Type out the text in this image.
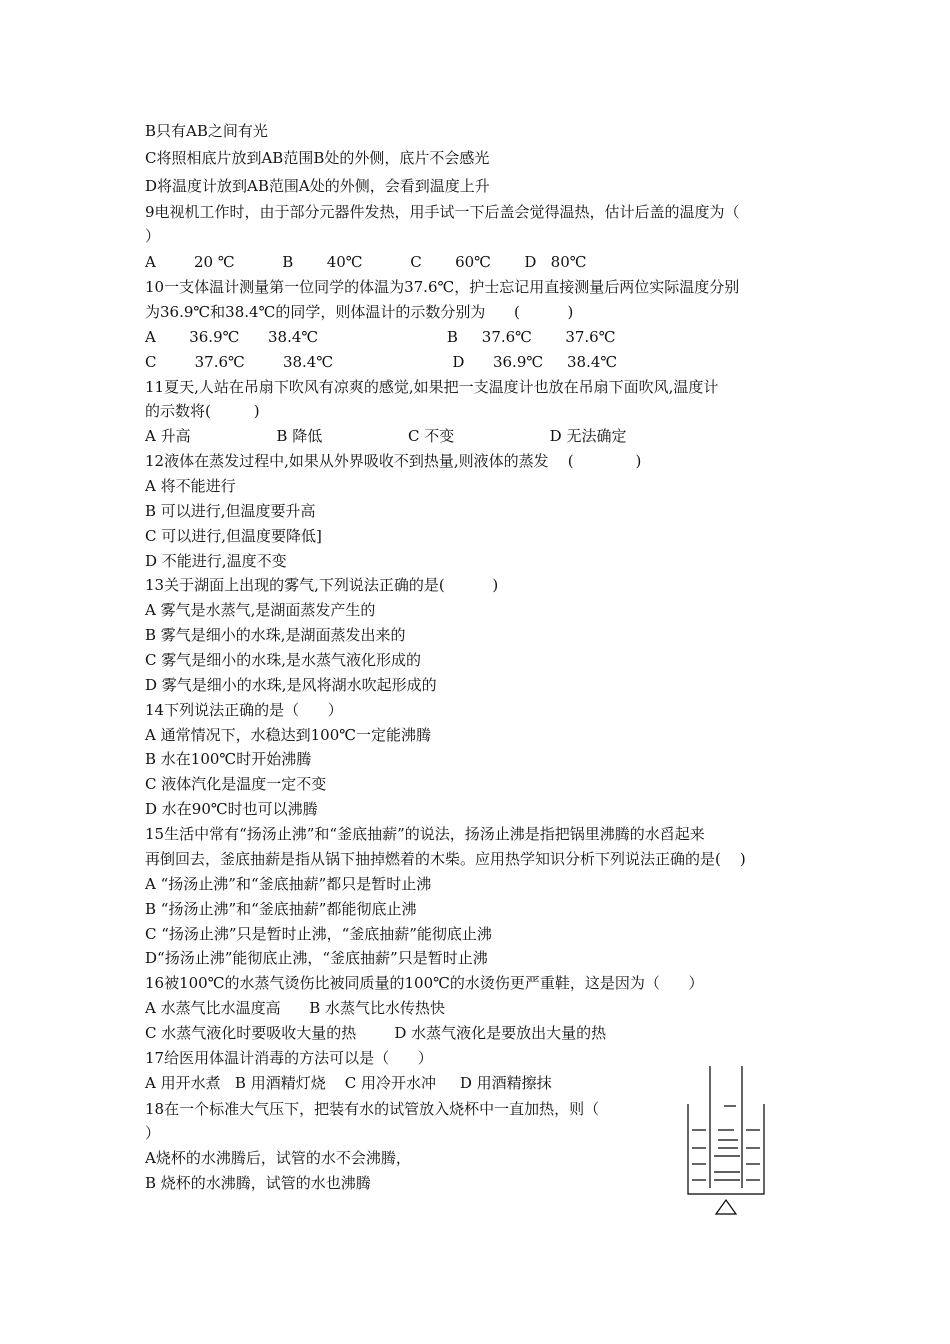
B只有AB之间有光
C将照相底片放到AB范围B处的外侧，底片不会感光
D将温度计放到AB范围A处的外侧，会看到温度上升
9电视机工作时，由于部分元器件发热，用手试一下后盖会觉得温热，估计后盖的温度为（
）
A        20 ℃          B       40℃          C       60℃       D   80℃
10一支体温计测量第一位同学的体温为37.6℃，护士忘记用直接测量后两位实际温度分别
为36.9℃和38.4℃的同学，则体温计的示数分别为      (          )
A       36.9℃      38.4℃                           B     37.6℃       37.6℃
C        37.6℃        38.4℃                         D      36.9℃     38.4℃
11夏天,人站在吊扇下吹风有凉爽的感觉,如果把一支温度计也放在吊扇下面吹风,温度计
的示数将(         )
A 升高                  B 降低                  C 不变                    D 无法确定
12液体在蒸发过程中,如果从外界吸收不到热量,则液体的蒸发    (             )
A 将不能进行
B 可以进行,但温度要升高
C 可以进行,但温度要降低]
D 不能进行,温度不变
13关于湖面上出现的雾气,下列说法正确的是(          )
A 雾气是水蒸气,是湖面蒸发产生的
B 雾气是细小的水珠,是湖面蒸发出来的
C 雾气是细小的水珠,是水蒸气液化形成的
D 雾气是细小的水珠,是风将湖水吹起形成的
14下列说法正确的是（      ）
A 通常情况下，水稳达到100℃一定能沸腾
B 水在100℃时开始沸腾
C 液体汽化是温度一定不变
D 水在90℃时也可以沸腾
15生活中常有“扬汤止沸”和“釜底抽薪”的说法，扬汤止沸是指把锅里沸腾的水舀起来
再倒回去，釜底抽薪是指从锅下抽掉燃着的木柴。应用热学知识分析下列说法正确的是(    )
A “扬汤止沸”和“釜底抽薪”都只是暂时止沸
B “扬汤止沸”和“釜底抽薪”都能彻底止沸
C “扬汤止沸”只是暂时止沸，“釜底抽薪”能彻底止沸
D“扬汤止沸”能彻底止沸，“釜底抽薪”只是暂时止沸
16被100℃的水蒸气烫伤比被同质量的100℃的水烫伤更严重鞋，这是因为（      ）
A 水蒸气比水温度高      B 水蒸气比水传热快
C 水蒸气液化时要吸收大量的热        D 水蒸气液化是要放出大量的热
17给医用体温计消毒的方法可以是（      ）
A 用开水煮   B 用酒精灯烧    C 用冷开水冲     D 用酒精擦抹
18在一个标准大气压下，把装有水的试管放入烧杯中一直加热，则（
）
A烧杯的水沸腾后，试管的水不会沸腾，
B 烧杯的水沸腾，试管的水也沸腾
